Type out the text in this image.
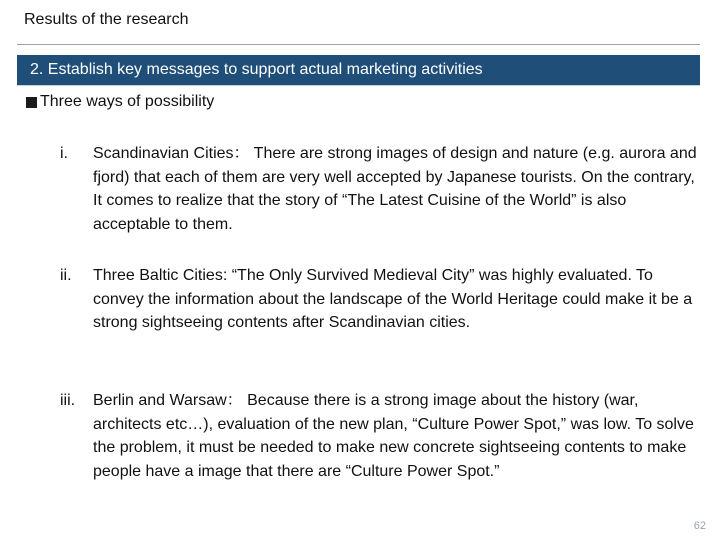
Results of the research
2. Establish key messages to support actual marketing activities
Three ways of possibility
i. Scandinavian Cities： There are strong images of design and nature (e.g. aurora and fjord) that each of them are very well accepted by Japanese tourists. On the contrary, It comes to realize that the story of “The Latest Cuisine of the World” is also acceptable to them.
ii. Three Baltic Cities: “The Only Survived Medieval City” was highly evaluated. To convey the information about the landscape of the World Heritage could make it be a strong sightseeing contents after Scandinavian cities.
iii. Berlin and Warsaw： Because there is a strong image about the history (war, architects etc…), evaluation of the new plan, “Culture Power Spot,” was low. To solve the problem, it must be needed to make new concrete sightseeing contents to make people have a image that there are “Culture Power Spot.”
62
